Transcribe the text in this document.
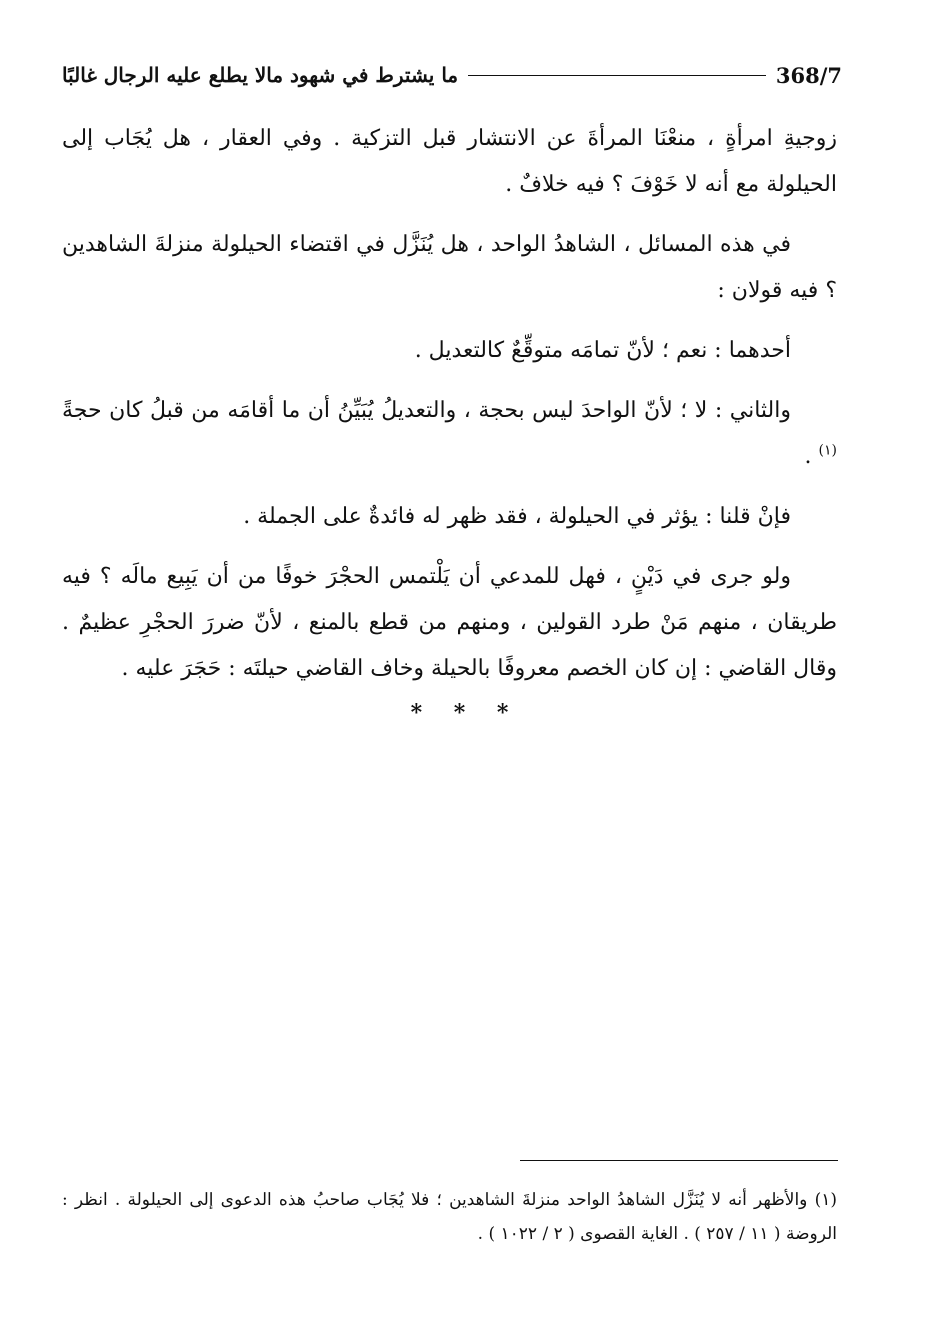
ما يشترط في شهود مالا يطلع عليه الرجال غالبًا	368/7

زوجيةِ امرأةٍ ، منعْنَا المرأةَ عن الانتشار قبل التزكية . وفي العقار ، هل يُجَاب إلى الحيلولة مع أنه لا خَوْفَ ؟ فيه خلافٌ .

في هذه المسائل ، الشاهدُ الواحد ، هل يُنَزَّل في اقتضاء الحيلولة منزلةَ الشاهدين ؟ فيه قولان :

أحدهما : نعم ؛ لأنّ تمامَه متوقِّعٌ كالتعديل .

والثاني : لا ؛ لأنّ الواحدَ ليس بحجة ، والتعديلُ يُبَيِّنُ أن ما أقامَه من قبلُ كان حجةً $^{(١)}$ .

فإنْ قلنا : يؤثر في الحيلولة ، فقد ظهر له فائدةٌ على الجملة .

ولو جرى في دَيْنٍ ، فهل للمدعي أن يَلْتمس الحجْرَ خوفًا من أن يَبِيع مالَه ؟ فيه طريقان ، منهم مَنْ طرد القولين ، ومنهم من قطع بالمنع ، لأنّ ضررَ الحجْرِ عظيمٌ . وقال القاضي : إن كان الخصم معروفًا بالحيلة وخاف القاضي حيلتَه : حَجَرَ عليه .

* * *

(١) والأظهر أنه لا يُنَزَّل الشاهدُ الواحد منزلةَ الشاهدين ؛ فلا يُجَاب صاحبُ هذه الدعوى إلى الحيلولة . انظر : الروضة ( ١١ / ٢٥٧ ) . الغاية القصوى ( ٢ / ١٠٢٢ ) .
